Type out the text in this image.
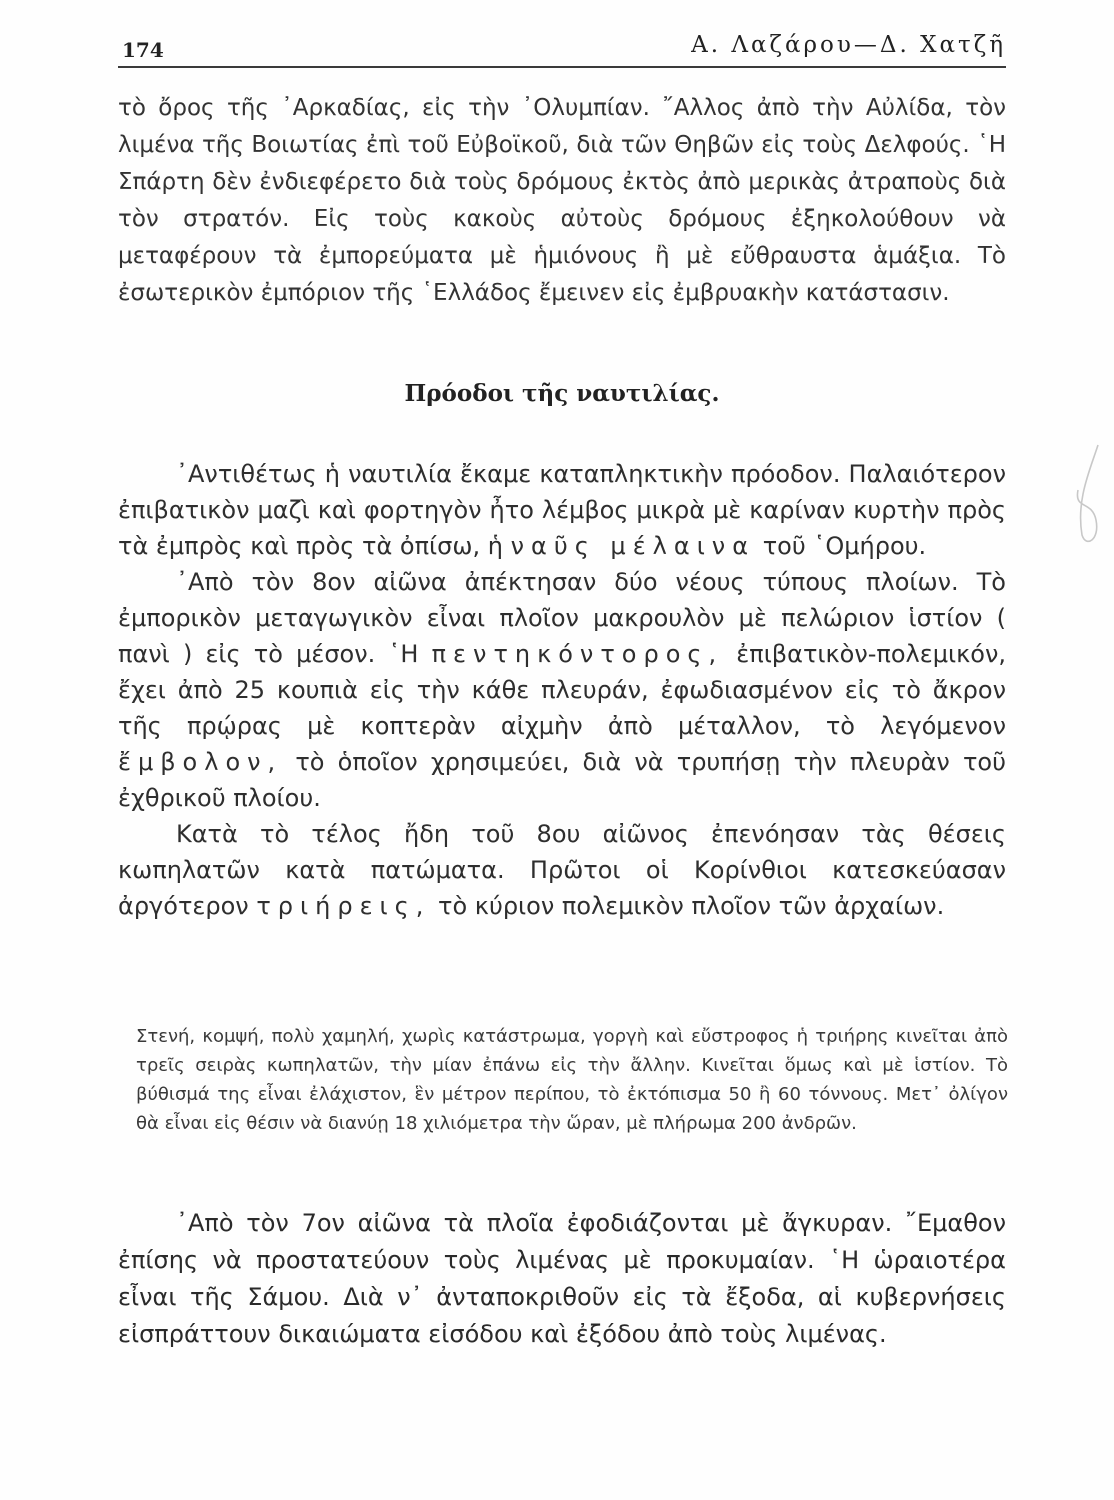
174	Α. Λαζάρου—Δ. Χατζῆ

τὸ ὄρος τῆς ᾿Αρκαδίας, εἰς τὴν ᾿Ολυμπίαν. ῎Αλλος ἀπὸ τὴν Αὐλίδα, τὸν λιμένα τῆς Βοιωτίας ἐπὶ τοῦ Εὐβοϊκοῦ, διὰ τῶν Θηβῶν εἰς τοὺς Δελφούς. ῾Η Σπάρτη δὲν ἐνδιεφέρετο διὰ τοὺς δρόμους ἐκτὸς ἀπὸ μερικὰς ἀτραποὺς διὰ τὸν στρατόν. Εἰς τοὺς κακοὺς αὐτοὺς δρόμους ἐξηκολούθουν νὰ μεταφέρουν τὰ ἐμπορεύματα μὲ ἡμιόνους ἢ μὲ εὔθραυστα ἁμάξια. Τὸ ἐσωτερικὸν ἐμπόριον τῆς ῾Ελλάδος ἔμεινεν εἰς ἐμβρυακὴν κατάστασιν.

Πρόοδοι τῆς ναυτιλίας.

᾿Αντιθέτως ἡ ναυτιλία ἔκαμε καταπληκτικὴν πρόοδον. Παλαιότερον ἐπιβατικὸν μαζὶ καὶ φορτηγὸν ἦτο λέμβος μικρὰ μὲ καρίναν κυρτὴν πρὸς τὰ ἐμπρὸς καὶ πρὸς τὰ ὀπίσω, ἡ ναῦς μέλαινα τοῦ ῾Ομήρου.

᾿Απὸ τὸν 8ον αἰῶνα ἀπέκτησαν δύο νέους τύπους πλοίων. Τὸ ἐμπορικὸν μεταγωγικὸν εἶναι πλοῖον μακρουλὸν μὲ πελώριον ἱστίον ( πανὶ ) εἰς τὸ μέσον. ῾Η πεντηκόντορος, ἐπιβατικὸν-πολεμικόν, ἔχει ἀπὸ 25 κουπιὰ εἰς τὴν κάθε πλευράν, ἐφωδιασμένον εἰς τὸ ἄκρον τῆς πρῴρας μὲ κοπτερὰν αἰχμὴν ἀπὸ μέταλλον, τὸ λεγόμενον ἔμβολον, τὸ ὁποῖον χρησιμεύει, διὰ νὰ τρυπήσῃ τὴν πλευρὰν τοῦ ἐχθρικοῦ πλοίου.

Κατὰ τὸ τέλος ἤδη τοῦ 8ου αἰῶνος ἐπενόησαν τὰς θέσεις κωπηλατῶν κατὰ πατώματα. Πρῶτοι οἱ Κορίνθιοι κατεσκεύασαν ἀργότερον τριήρεις, τὸ κύριον πολεμικὸν πλοῖον τῶν ἀρχαίων.

Στενή, κομψή, πολὺ χαμηλή, χωρὶς κατάστρωμα, γοργὴ καὶ εὔστροφος ἡ τριήρης κινεῖται ἀπὸ τρεῖς σειρὰς κωπηλατῶν, τὴν μίαν ἐπάνω εἰς τὴν ἄλλην. Κινεῖται ὅμως καὶ μὲ ἱστίον. Τὸ βύθισμά της εἶναι ἐλάχιστον, ἓν μέτρον περίπου, τὸ ἐκτόπισμα 50 ἢ 60 τόννους. Μετ᾿ ὀλίγον θὰ εἶναι εἰς θέσιν νὰ διανύῃ 18 χιλιόμετρα τὴν ὥραν, μὲ πλήρωμα 200 ἀνδρῶν.

᾿Απὸ τὸν 7ον αἰῶνα τὰ πλοῖα ἐφοδιάζονται μὲ ἄγκυραν. ῎Εμαθον ἐπίσης νὰ προστατεύουν τοὺς λιμένας μὲ προκυμαίαν. ῾Η ὡραιοτέρα εἶναι τῆς Σάμου. Διὰ ν᾿ ἀνταποκριθοῦν εἰς τὰ ἔξοδα, αἱ κυβερνήσεις εἰσπράττουν δικαιώματα εἰσόδου καὶ ἐξόδου ἀπὸ τοὺς λιμένας.
